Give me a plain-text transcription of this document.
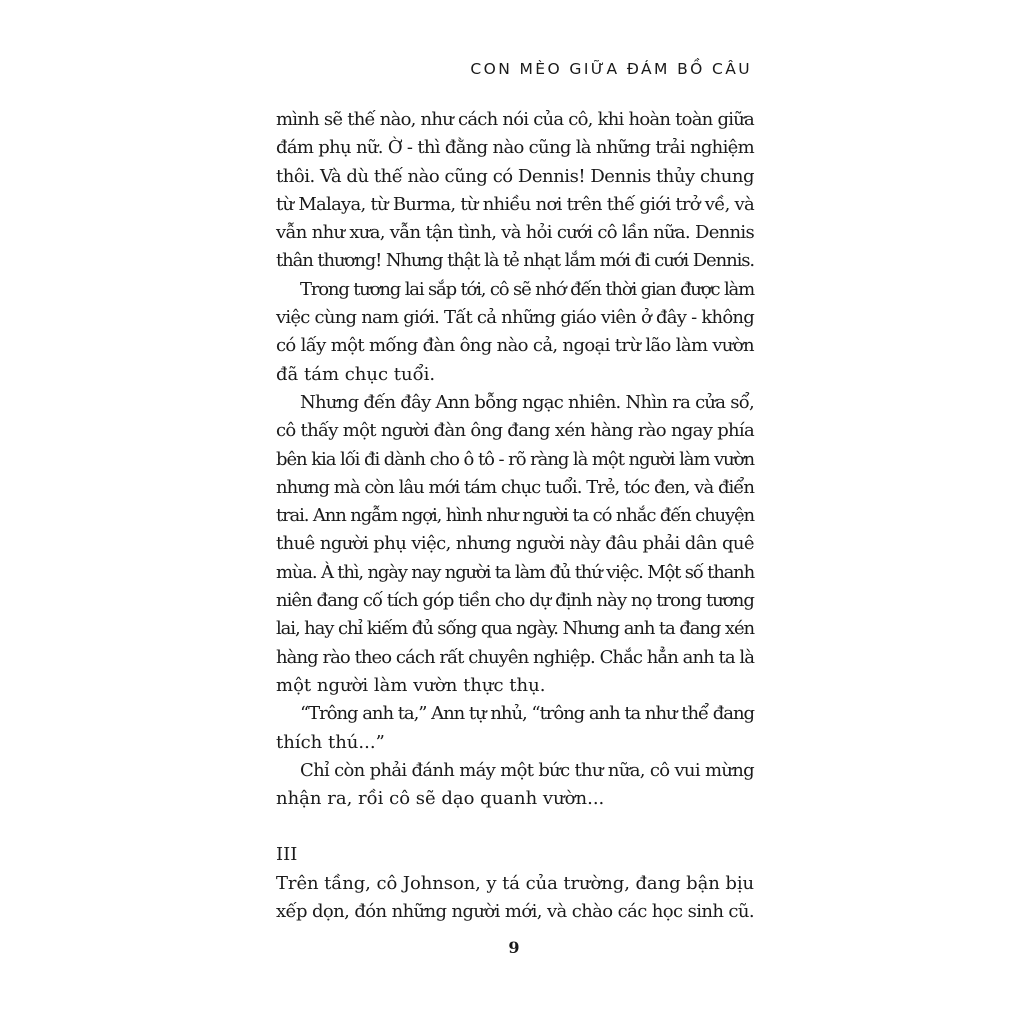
CON MÈO GIỮA ĐÁM BỒ CÂU
mình sẽ thế nào, như cách nói của cô, khi hoàn toàn giữa
đám phụ nữ. Ờ - thì đằng nào cũng là những trải nghiệm
thôi. Và dù thế nào cũng có Dennis! Dennis thủy chung
từ Malaya, từ Burma, từ nhiều nơi trên thế giới trở về, và
vẫn như xưa, vẫn tận tình, và hỏi cưới cô lần nữa. Dennis
thân thương! Nhưng thật là tẻ nhạt lắm mới đi cưới Dennis.
Trong tương lai sắp tới, cô sẽ nhớ đến thời gian được làm
việc cùng nam giới. Tất cả những giáo viên ở đây - không
có lấy một mống đàn ông nào cả, ngoại trừ lão làm vườn
đã tám chục tuổi.
Nhưng đến đây Ann bỗng ngạc nhiên. Nhìn ra cửa sổ,
cô thấy một người đàn ông đang xén hàng rào ngay phía
bên kia lối đi dành cho ô tô - rõ ràng là một người làm vườn
nhưng mà còn lâu mới tám chục tuổi. Trẻ, tóc đen, và điển
trai. Ann ngẫm ngợi, hình như người ta có nhắc đến chuyện
thuê người phụ việc, nhưng người này đâu phải dân quê
mùa. À thì, ngày nay người ta làm đủ thứ việc. Một số thanh
niên đang cố tích góp tiền cho dự định này nọ trong tương
lai, hay chỉ kiếm đủ sống qua ngày. Nhưng anh ta đang xén
hàng rào theo cách rất chuyên nghiệp. Chắc hẳn anh ta là
một người làm vườn thực thụ.
“Trông anh ta,” Ann tự nhủ, “trông anh ta như thể đang
thích thú...”
Chỉ còn phải đánh máy một bức thư nữa, cô vui mừng
nhận ra, rồi cô sẽ dạo quanh vườn...
III
Trên tầng, cô Johnson, y tá của trường, đang bận bịu
xếp dọn, đón những người mới, và chào các học sinh cũ.
9
